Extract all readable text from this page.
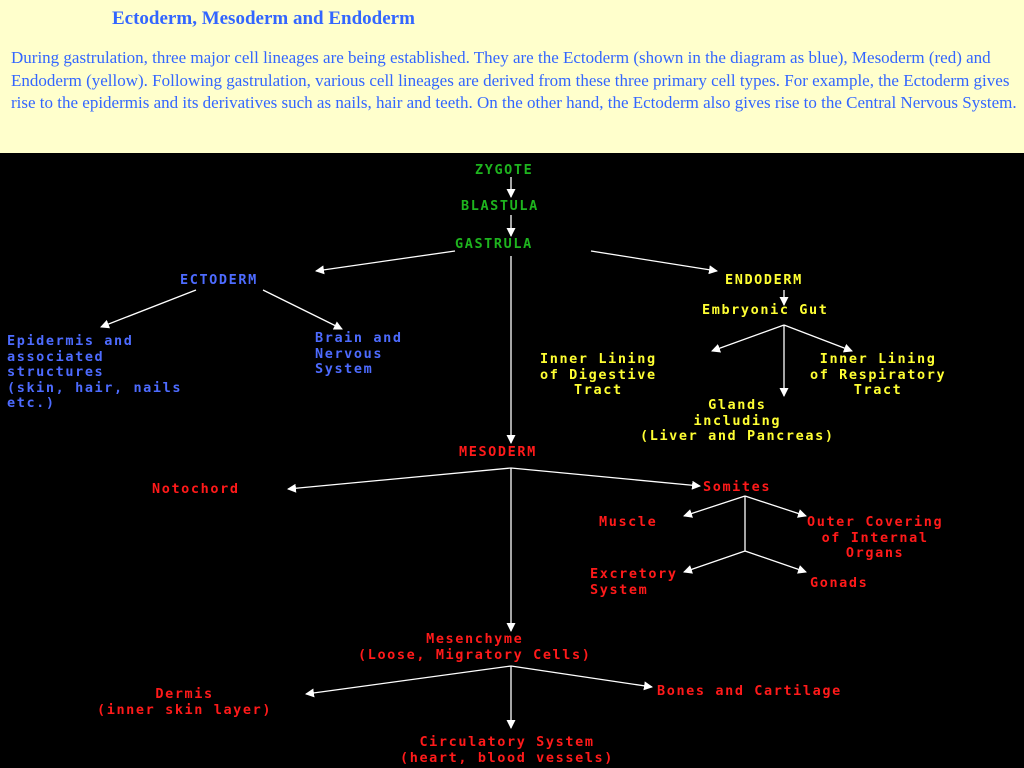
Ectoderm, Mesoderm and Endoderm
During gastrulation, three major cell lineages are being established. They are the Ectoderm (shown in the diagram as blue), Mesoderm (red) and Endoderm (yellow). Following gastrulation, various cell lineages are derived from these three primary cell types. For example, the Ectoderm gives rise to the epidermis and its derivatives such as nails, hair and teeth. On the other hand, the Ectoderm also gives rise to the Central Nervous System.
ZYGOTE
BLASTULA
GASTRULA
ECTODERM
Epidermis and
associated
structures
(skin, hair, nails
etc.)
Brain and
Nervous
System
ENDODERM
Embryonic Gut
Inner Lining
of Digestive
Tract
Inner Lining
of Respiratory
Tract
Glands
including
(Liver and Pancreas)
MESODERM
Notochord	Somites
Muscle	Outer Covering
of Internal
Organs
Excretory
System	Gonads
Mesenchyme
(Loose, Migratory Cells)
Dermis
(inner skin layer)
Bones and Cartilage
Circulatory System
(heart, blood vessels)
